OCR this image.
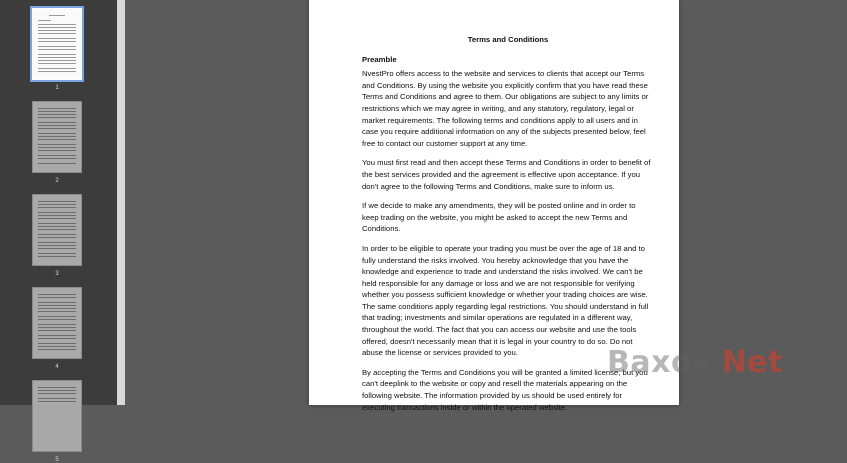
1
2
3
4
5
Terms and Conditions
Preamble

NvestPro offers access to the website and services to clients that accept our Terms and Conditions. By using the website you explicitly confirm that you have read these Terms and Conditions and agree to them. Our obligations are subject to any limits or restrictions which we may agree in writing, and any statutory, regulatory, legal or market requirements. The following terms and conditions apply to all users and in case you require additional information on any of the subjects presented below, feel free to contact our customer support at any time.

You must first read and then accept these Terms and Conditions in order to benefit of the best services provided and the agreement is effective upon acceptance. If you don't agree to the following Terms and Conditions, make sure to inform us.

If we decide to make any amendments, they will be posted online and in order to keep trading on the website, you might be asked to accept the new Terms and Conditions.

In order to be eligible to operate your trading you must be over the age of 18 and to fully understand the risks involved. You hereby acknowledge that you have the knowledge and experience to trade and understand the risks involved. We can't be held responsible for any damage or loss and we are not responsible for verifying whether you possess sufficient knowledge or whether your trading choices are wise. The same conditions apply regarding legal restrictions. You should understand in full that trading; investments and similar operations are regulated in a different way, throughout the world. The fact that you can access our website and use the tools offered, doesn't necessarily mean that it is legal in your country to do so. Do not abuse the license or services provided to you.

By accepting the Terms and Conditions you will be granted a limited license, but you can't deeplink to the website or copy and resell the materials appearing on the following website. The information provided by us should be used entirely for executing transactions inside or within the operated website.

Baxov.Net
